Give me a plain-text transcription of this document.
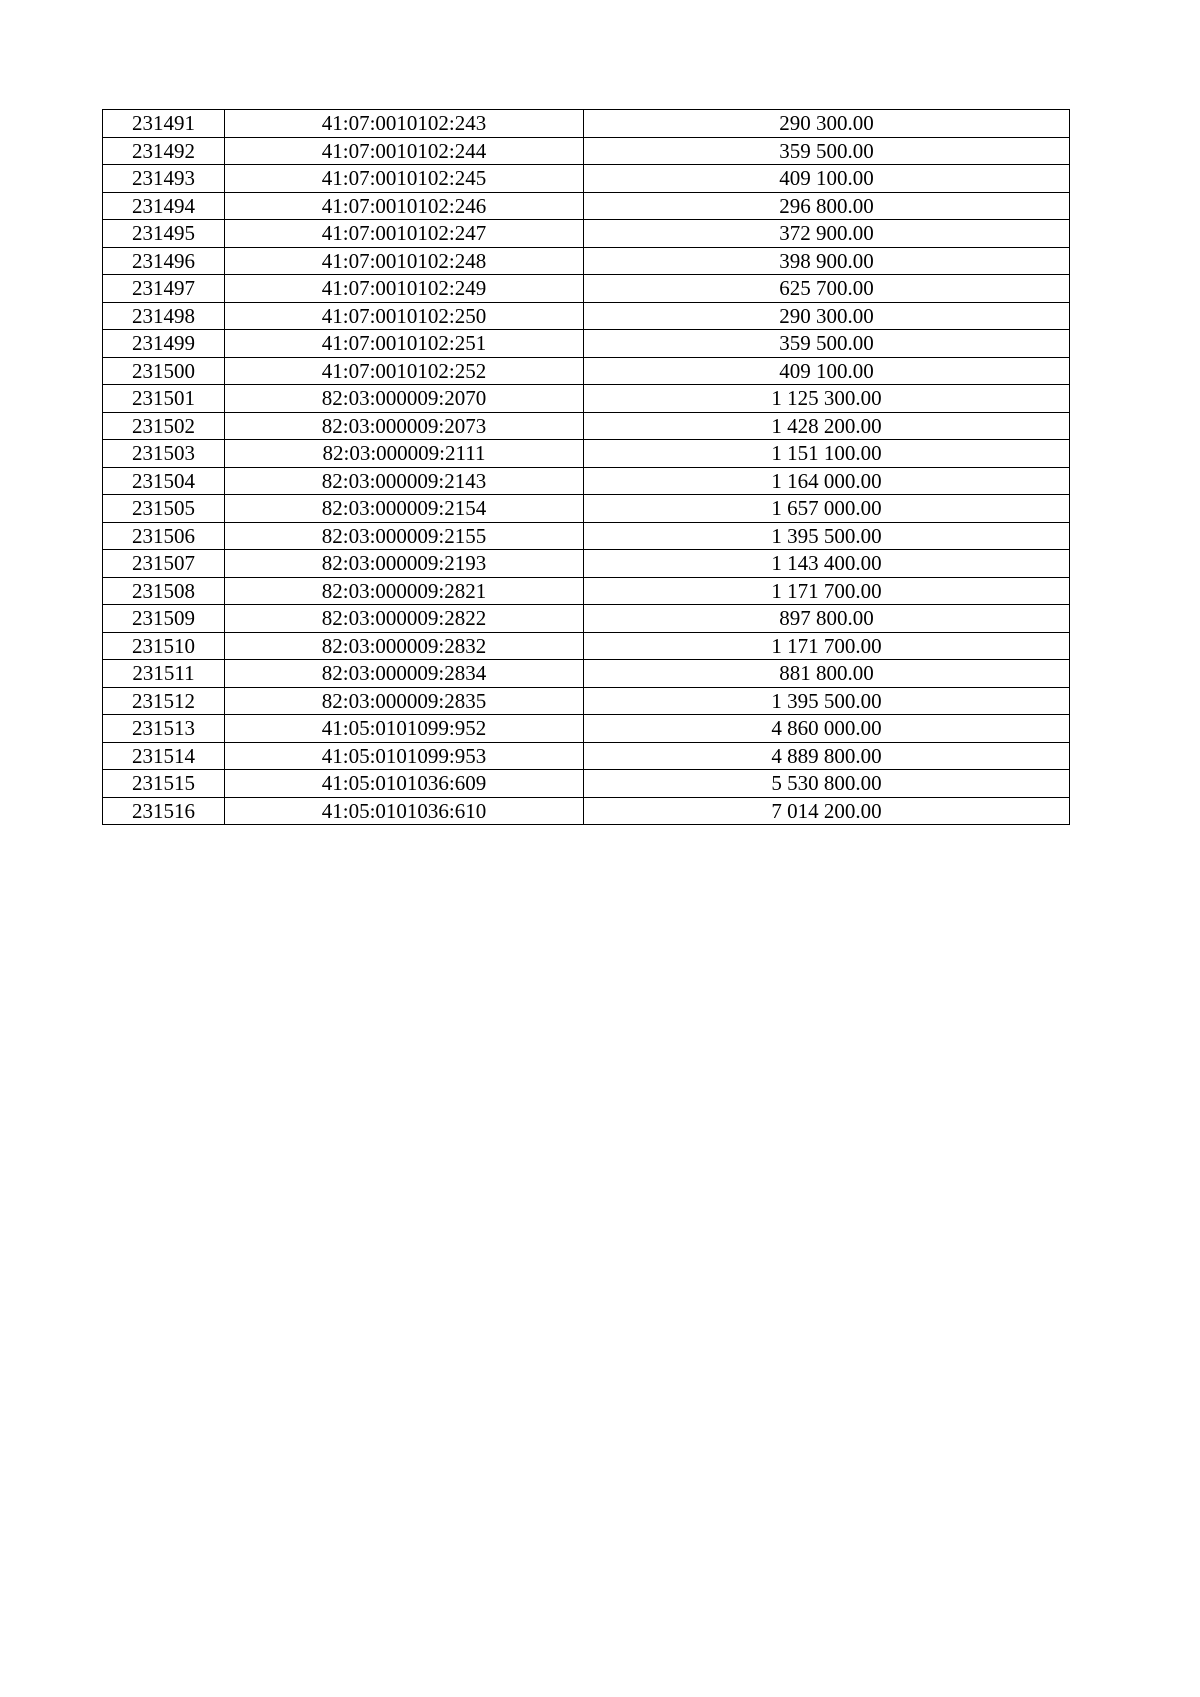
231491	41:07:0010102:243	290 300.00
231492	41:07:0010102:244	359 500.00
231493	41:07:0010102:245	409 100.00
231494	41:07:0010102:246	296 800.00
231495	41:07:0010102:247	372 900.00
231496	41:07:0010102:248	398 900.00
231497	41:07:0010102:249	625 700.00
231498	41:07:0010102:250	290 300.00
231499	41:07:0010102:251	359 500.00
231500	41:07:0010102:252	409 100.00
231501	82:03:000009:2070	1 125 300.00
231502	82:03:000009:2073	1 428 200.00
231503	82:03:000009:2111	1 151 100.00
231504	82:03:000009:2143	1 164 000.00
231505	82:03:000009:2154	1 657 000.00
231506	82:03:000009:2155	1 395 500.00
231507	82:03:000009:2193	1 143 400.00
231508	82:03:000009:2821	1 171 700.00
231509	82:03:000009:2822	897 800.00
231510	82:03:000009:2832	1 171 700.00
231511	82:03:000009:2834	881 800.00
231512	82:03:000009:2835	1 395 500.00
231513	41:05:0101099:952	4 860 000.00
231514	41:05:0101099:953	4 889 800.00
231515	41:05:0101036:609	5 530 800.00
231516	41:05:0101036:610	7 014 200.00
